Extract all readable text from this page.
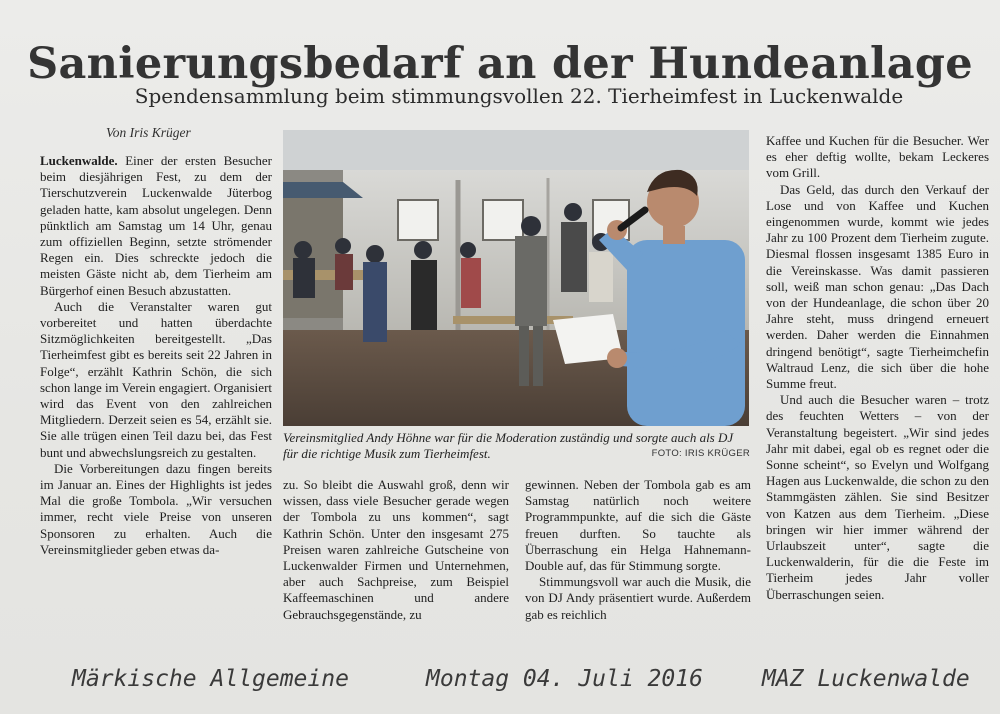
Sanierungsbedarf an der Hundeanlage
Spendensammlung beim stimmungsvollen 22. Tierheimfest in Luckenwalde
Von Iris Krüger

Luckenwalde. Einer der ersten Besucher beim diesjährigen Fest, zu dem der Tierschutzverein Luckenwalde Jüterbog geladen hatte, kam absolut ungelegen. Denn pünktlich am Samstag um 14 Uhr, genau zum offiziellen Beginn, setzte strömender Regen ein. Dies schreckte jedoch die meisten Gäste nicht ab, dem Tierheim am Bürgerhof einen Besuch abzustatten.

Auch die Veranstalter waren gut vorbereitet und hatten überdachte Sitzmöglichkeiten bereitgestellt. „Das Tierheimfest gibt es bereits seit 22 Jahren in Folge“, erzählt Kathrin Schön, die sich schon lange im Verein engagiert. Organisiert wird das Event von den zahlreichen Mitgliedern. Derzeit seien es 54, erzählt sie. Sie alle trügen einen Teil dazu bei, das Fest bunt und abwechslungsreich zu gestalten.

Die Vorbereitungen dazu fingen bereits im Januar an. Eines der Highlights ist jedes Mal die große Tombola. „Wir versuchen immer, recht viele Preise von unseren Sponsoren zu erhalten. Auch die Vereinsmitglieder geben etwas da-

Vereinsmitglied Andy Höhne war für die Moderation zuständig und sorgte auch als DJ für die richtige Musik zum Tierheimfest.	FOTO: IRIS KRÜGER

zu. So bleibt die Auswahl groß, denn wir wissen, dass viele Besucher gerade wegen der Tombola zu uns kommen“, sagt Kathrin Schön. Unter den insgesamt 275 Preisen waren zahlreiche Gutscheine von Luckenwalder Firmen und Unternehmen, aber auch Sachpreise, zum Beispiel Kaffeemaschinen und andere Gebrauchsgegenstände, zu

gewinnen. Neben der Tombola gab es am Samstag natürlich noch weitere Programmpunkte, auf die sich die Gäste freuen durften. So tauchte als Überraschung ein Helga Hahnemann-Double auf, das für Stimmung sorgte.

Stimmungsvoll war auch die Musik, die von DJ Andy präsentiert wurde. Außerdem gab es reichlich

Kaffee und Kuchen für die Besucher. Wer es eher deftig wollte, bekam Leckeres vom Grill.

Das Geld, das durch den Verkauf der Lose und von Kaffee und Kuchen eingenommen wurde, kommt wie jedes Jahr zu 100 Prozent dem Tierheim zugute. Diesmal flossen insgesamt 1385 Euro in die Vereinskasse. Was damit passieren soll, weiß man schon genau: „Das Dach von der Hundeanlage, die schon über 20 Jahre steht, muss dringend erneuert werden. Daher werden die Einnahmen dringend benötigt“, sagte Tierheimchefin Waltraud Lenz, die sich über die hohe Summe freut.

Und auch die Besucher waren – trotz des feuchten Wetters – von der Veranstaltung begeistert. „Wir sind jedes Jahr mit dabei, egal ob es regnet oder die Sonne scheint“, so Evelyn und Wolfgang Hagen aus Luckenwalde, die schon zu den Stammgästen zählen. Sie sind Besitzer von Katzen aus dem Tierheim. „Diese bringen wir hier immer während der Urlaubszeit unter“, sagte die Luckenwalderin, für die die Feste im Tierheim jedes Jahr voller Überraschungen seien.

Märkische Allgemeine	Montag 04. Juli 2016	MAZ Luckenwalde
